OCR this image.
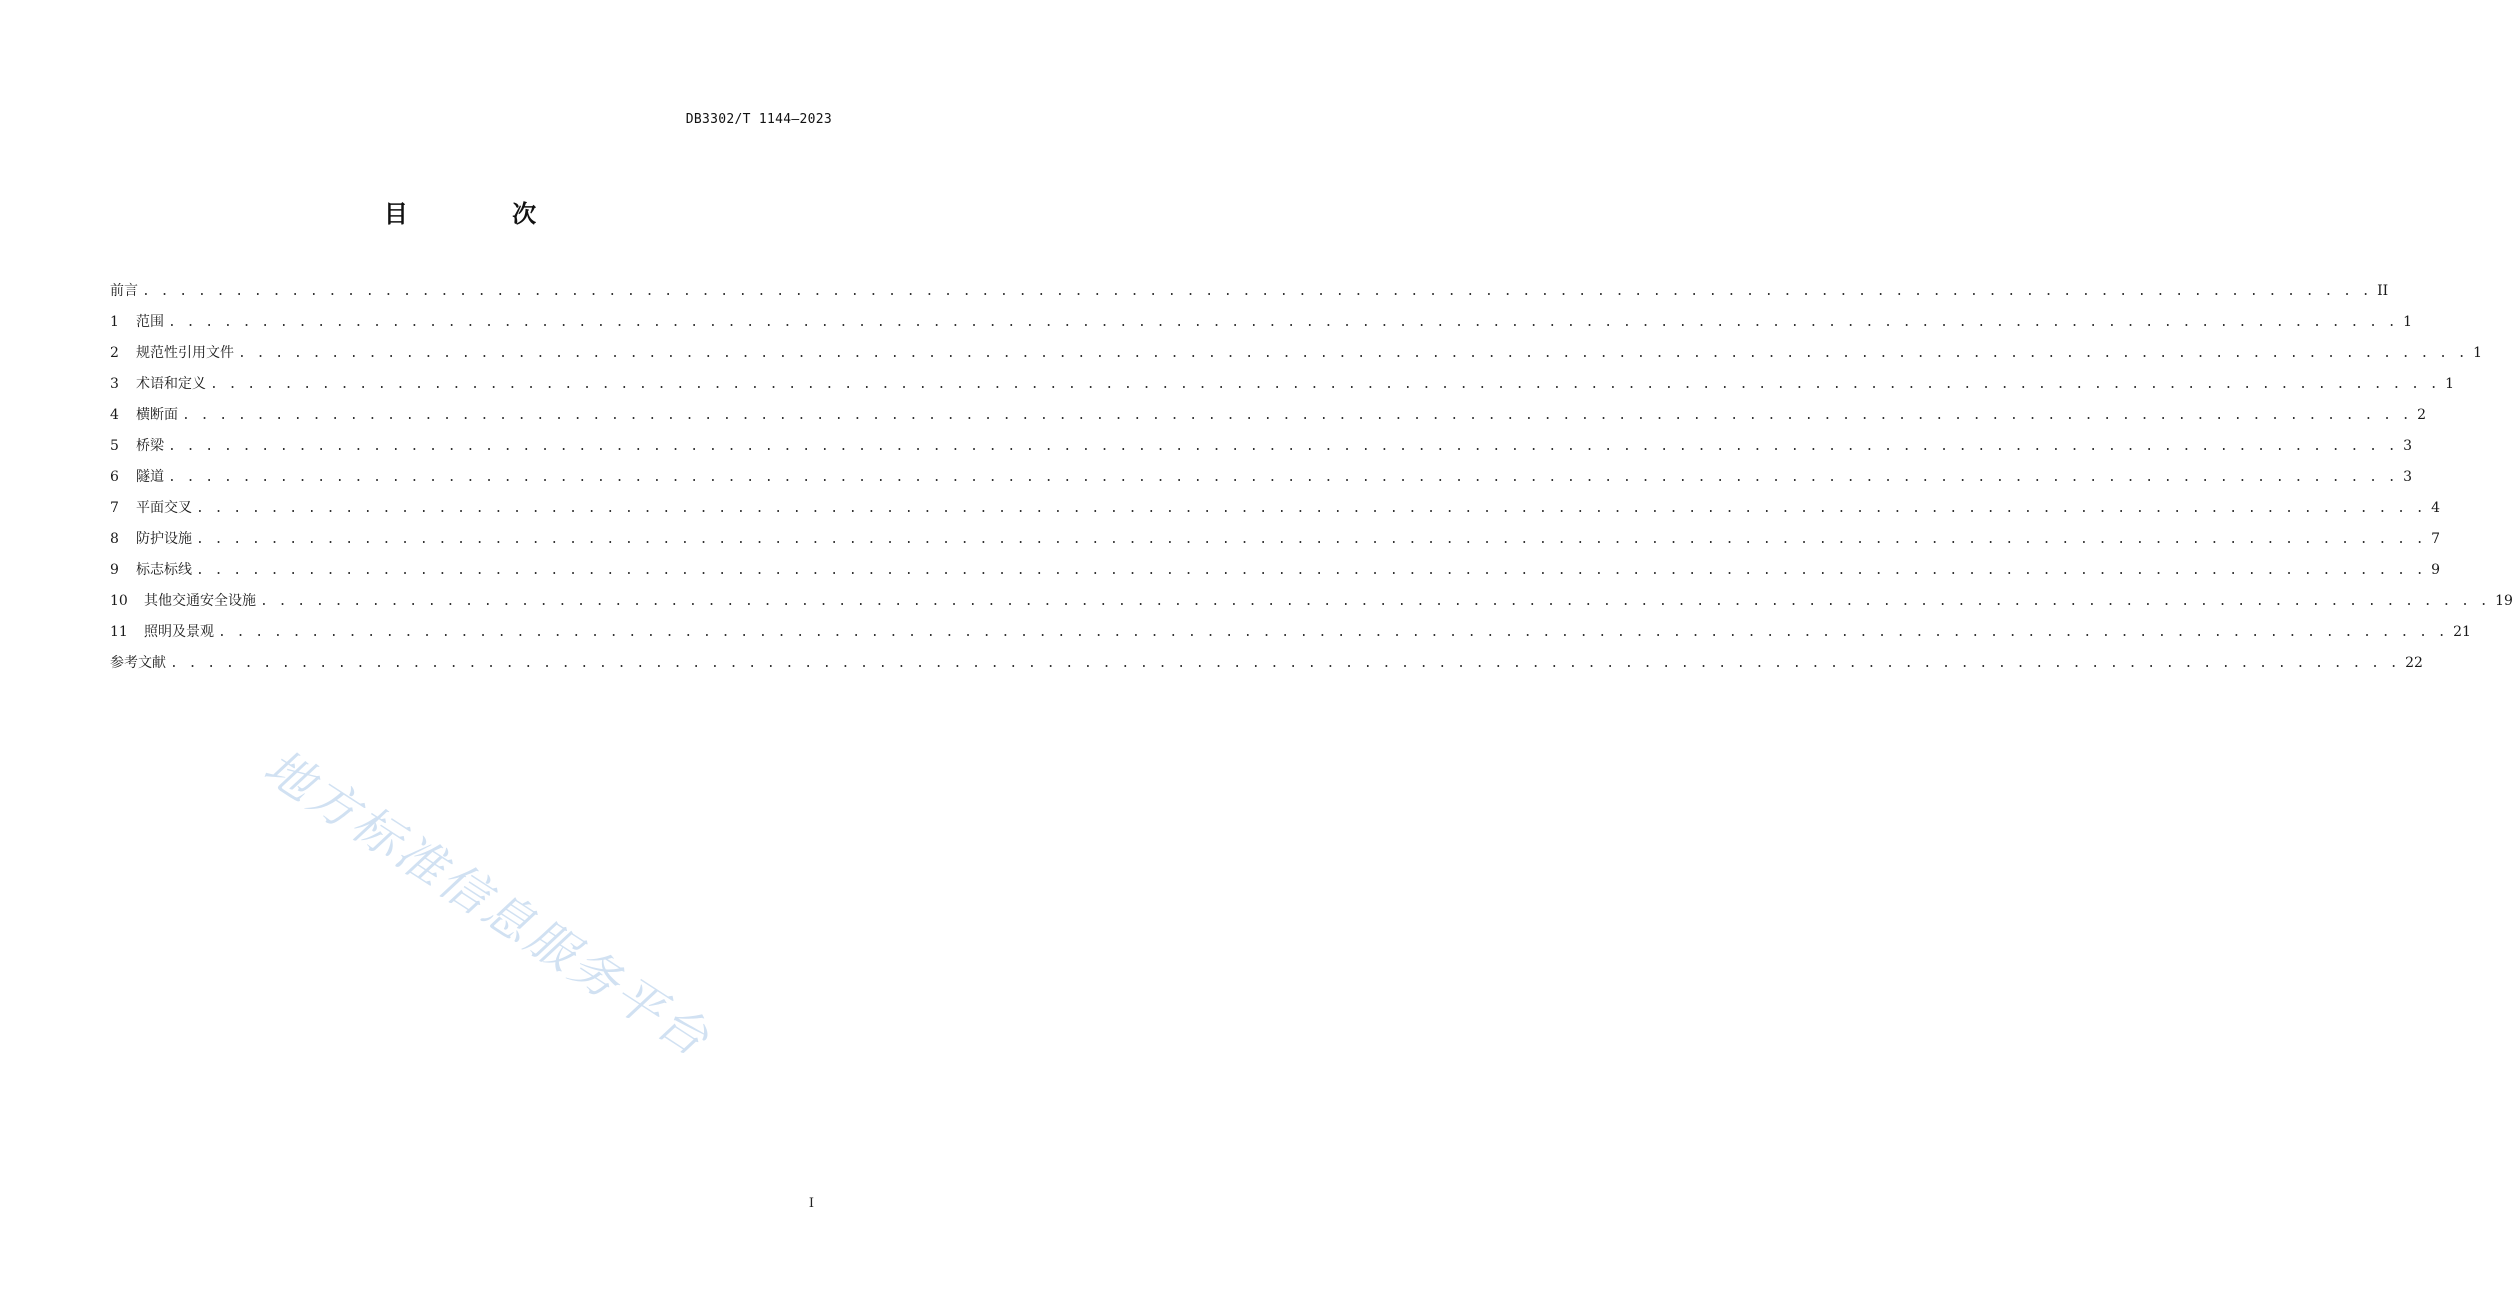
DB3302/T 1144—2023
目 次
前言 . . . . . . . . . . . . . . . . . . . . . . . . . . . . . . . . . . . . . . . . . . . . . . . . . . . . . . . . . . . . . . . . . . . . . . . . . . . . . . . . . . . . . . . . . . . . . . . . . . . . . . . . . . . . . . . . . . . . . . . . II
1	范围 . . . . . . . . . . . . . . . . . . . . . . . . . . . . . . . . . . . . . . . . . . . . . . . . . . . . . . . . . . . . . . . . . . . . . . . . . . . . . . . . . . . . . . . . . . . . . . . . . . . . . . . . . . . . . . . . . . . . . . . . 1
2	规范性引用文件 . . . . . . . . . . . . . . . . . . . . . . . . . . . . . . . . . . . . . . . . . . . . . . . . . . . . . . . . . . . . . . . . . . . . . . . . . . . . . . . . . . . . . . . . . . . . . . . . . . . . . . . . . . . . . . . . . . . . . . . . 1
3	术语和定义 . . . . . . . . . . . . . . . . . . . . . . . . . . . . . . . . . . . . . . . . . . . . . . . . . . . . . . . . . . . . . . . . . . . . . . . . . . . . . . . . . . . . . . . . . . . . . . . . . . . . . . . . . . . . . . . . . . . . . . . . 1
4	横断面 . . . . . . . . . . . . . . . . . . . . . . . . . . . . . . . . . . . . . . . . . . . . . . . . . . . . . . . . . . . . . . . . . . . . . . . . . . . . . . . . . . . . . . . . . . . . . . . . . . . . . . . . . . . . . . . . . . . . . . . . 2
5	桥梁 . . . . . . . . . . . . . . . . . . . . . . . . . . . . . . . . . . . . . . . . . . . . . . . . . . . . . . . . . . . . . . . . . . . . . . . . . . . . . . . . . . . . . . . . . . . . . . . . . . . . . . . . . . . . . . . . . . . . . . . . 3
6	隧道 . . . . . . . . . . . . . . . . . . . . . . . . . . . . . . . . . . . . . . . . . . . . . . . . . . . . . . . . . . . . . . . . . . . . . . . . . . . . . . . . . . . . . . . . . . . . . . . . . . . . . . . . . . . . . . . . . . . . . . . . 3
7	平面交叉 . . . . . . . . . . . . . . . . . . . . . . . . . . . . . . . . . . . . . . . . . . . . . . . . . . . . . . . . . . . . . . . . . . . . . . . . . . . . . . . . . . . . . . . . . . . . . . . . . . . . . . . . . . . . . . . . . . . . . . . . 4
8	防护设施 . . . . . . . . . . . . . . . . . . . . . . . . . . . . . . . . . . . . . . . . . . . . . . . . . . . . . . . . . . . . . . . . . . . . . . . . . . . . . . . . . . . . . . . . . . . . . . . . . . . . . . . . . . . . . . . . . . . . . . . . 7
9	标志标线 . . . . . . . . . . . . . . . . . . . . . . . . . . . . . . . . . . . . . . . . . . . . . . . . . . . . . . . . . . . . . . . . . . . . . . . . . . . . . . . . . . . . . . . . . . . . . . . . . . . . . . . . . . . . . . . . . . . . . . . . 9
10	其他交通安全设施 . . . . . . . . . . . . . . . . . . . . . . . . . . . . . . . . . . . . . . . . . . . . . . . . . . . . . . . . . . . . . . . . . . . . . . . . . . . . . . . . . . . . . . . . . . . . . . . . . . . . . . . . . . . . . . . . . . . . . . . . 19
11	照明及景观 . . . . . . . . . . . . . . . . . . . . . . . . . . . . . . . . . . . . . . . . . . . . . . . . . . . . . . . . . . . . . . . . . . . . . . . . . . . . . . . . . . . . . . . . . . . . . . . . . . . . . . . . . . . . . . . . . . . . . . . . 21
参考文献 . . . . . . . . . . . . . . . . . . . . . . . . . . . . . . . . . . . . . . . . . . . . . . . . . . . . . . . . . . . . . . . . . . . . . . . . . . . . . . . . . . . . . . . . . . . . . . . . . . . . . . . . . . . . . . . . . . . . . . . . 22
地方标准信息服务平台
I
